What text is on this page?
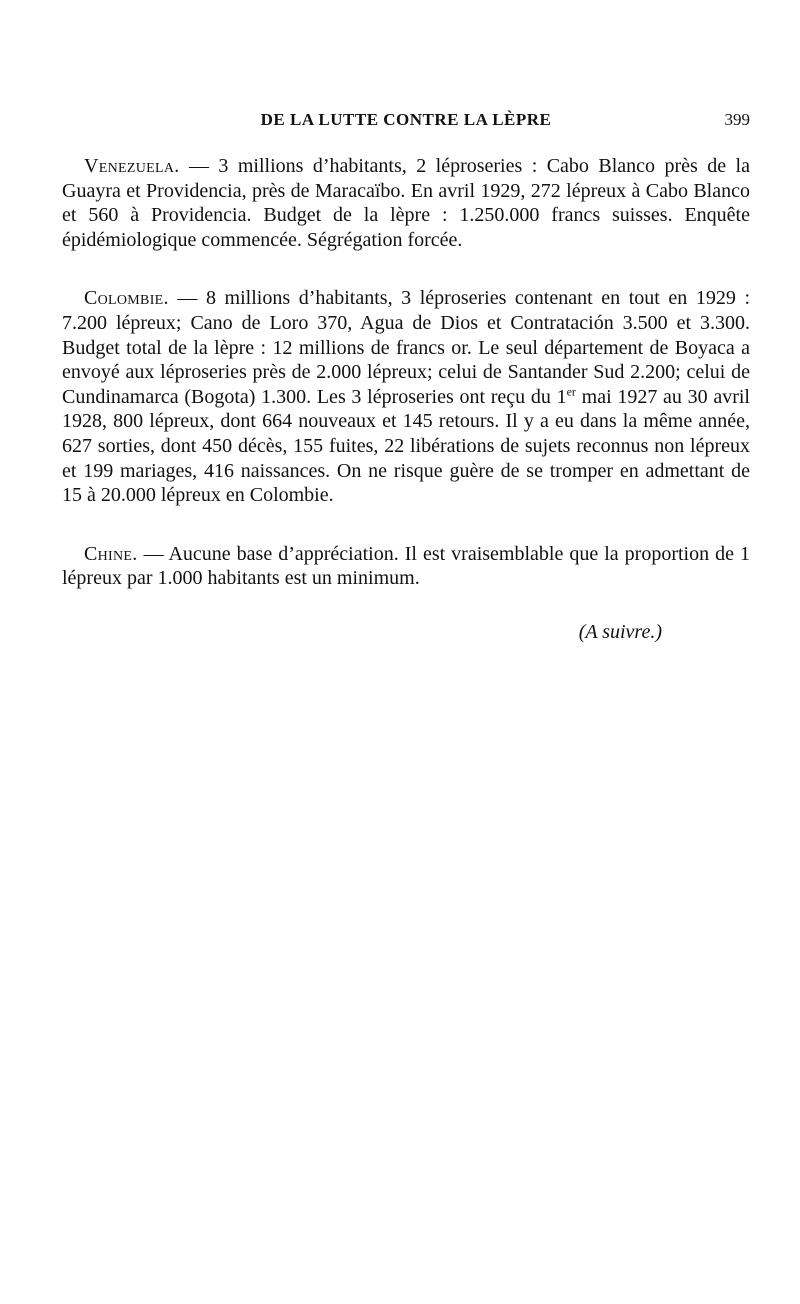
DE LA LUTTE CONTRE LA LÈPRE	399

Venezuela. — 3 millions d’habitants, 2 léproseries : Cabo Blanco près de la Guayra et Providencia, près de Maracaïbo. En avril 1929, 272 lépreux à Cabo Blanco et 560 à Providencia. Budget de la lèpre : 1.250.000 francs suisses. Enquête épidémiologique commencée. Ségrégation forcée.

Colombie. — 8 millions d’habitants, 3 léproseries contenant en tout en 1929 : 7.200 lépreux; Cano de Loro 370, Agua de Dios et Contratación 3.500 et 3.300. Budget total de la lèpre : 12 millions de francs or. Le seul département de Boyaca a envoyé aux léproseries près de 2.000 lépreux; celui de Santander Sud 2.200; celui de Cundinamarca (Bogota) 1.300. Les 3 léproseries ont reçu du 1er mai 1927 au 30 avril 1928, 800 lépreux, dont 664 nouveaux et 145 retours. Il y a eu dans la même année, 627 sorties, dont 450 décès, 155 fuites, 22 libérations de sujets reconnus non lépreux et 199 mariages, 416 naissances. On ne risque guère de se tromper en admettant de 15 à 20.000 lépreux en Colombie.

Chine. — Aucune base d’appréciation. Il est vraisemblable que la proportion de 1 lépreux par 1.000 habitants est un minimum.

(A suivre.)
